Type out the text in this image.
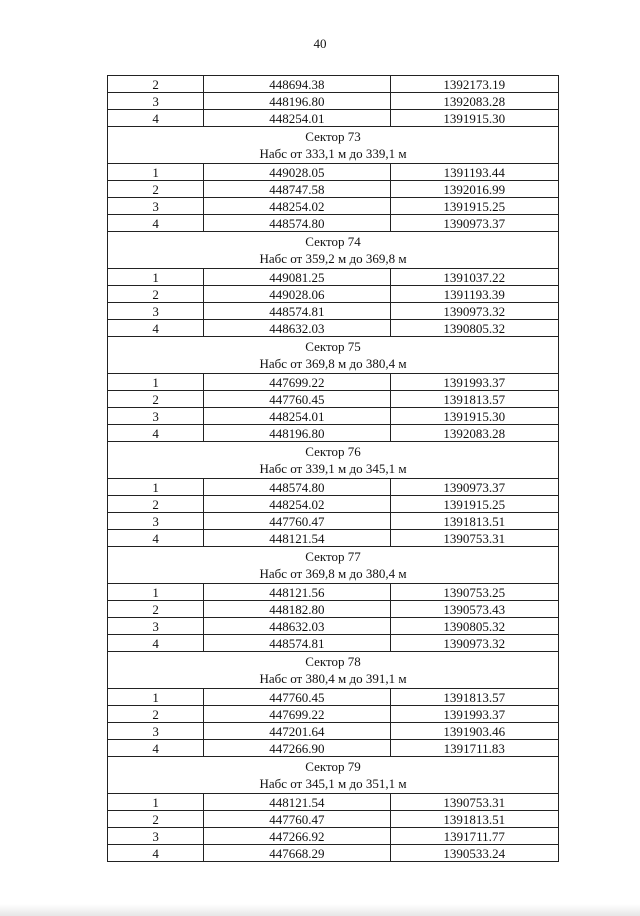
40
2	448694.38	1392173.19
3	448196.80	1392083.28
4	448254.01	1391915.30

Сектор 73
Набс от 333,1 м до 339,1 м		

1	449028.05	1391193.44
2	448747.58	1392016.99
3	448254.02	1391915.25
4	448574.80	1390973.37

Сектор 74
Набс от 359,2 м до 369,8 м		

1	449081.25	1391037.22
2	449028.06	1391193.39
3	448574.81	1390973.32
4	448632.03	1390805.32

Сектор 75
Набс от 369,8 м до 380,4 м		

1	447699.22	1391993.37
2	447760.45	1391813.57
3	448254.01	1391915.30
4	448196.80	1392083.28

Сектор 76
Набс от 339,1 м до 345,1 м		

1	448574.80	1390973.37
2	448254.02	1391915.25
3	447760.47	1391813.51
4	448121.54	1390753.31

Сектор 77
Набс от 369,8 м до 380,4 м		

1	448121.56	1390753.25
2	448182.80	1390573.43
3	448632.03	1390805.32
4	448574.81	1390973.32

Сектор 78
Набс от 380,4 м до 391,1 м		

1	447760.45	1391813.57
2	447699.22	1391993.37
3	447201.64	1391903.46
4	447266.90	1391711.83

Сектор 79
Набс от 345,1 м до 351,1 м		

1	448121.54	1390753.31
2	447760.47	1391813.51
3	447266.92	1391711.77
4	447668.29	1390533.24
